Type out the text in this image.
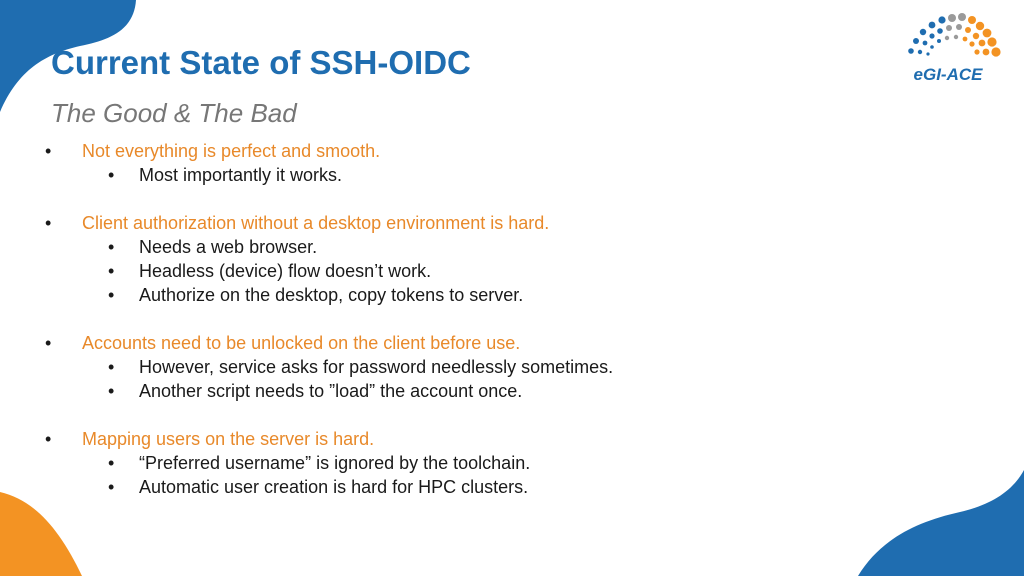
Current State of SSH-OIDC
The Good & The Bad
• Not everything is perfect and smooth.
• Most importantly it works.
• Client authorization without a desktop environment is hard.
• Needs a web browser.
• Headless (device) flow doesn’t work.
• Authorize on the desktop, copy tokens to server.
• Accounts need to be unlocked on the client before use.
• However, service asks for password needlessly sometimes.
• Another script needs to ”load” the account once.
• Mapping users on the server is hard.
• “Preferred username” is ignored by the toolchain.
• Automatic user creation is hard for HPC clusters.
eGI-ACE
